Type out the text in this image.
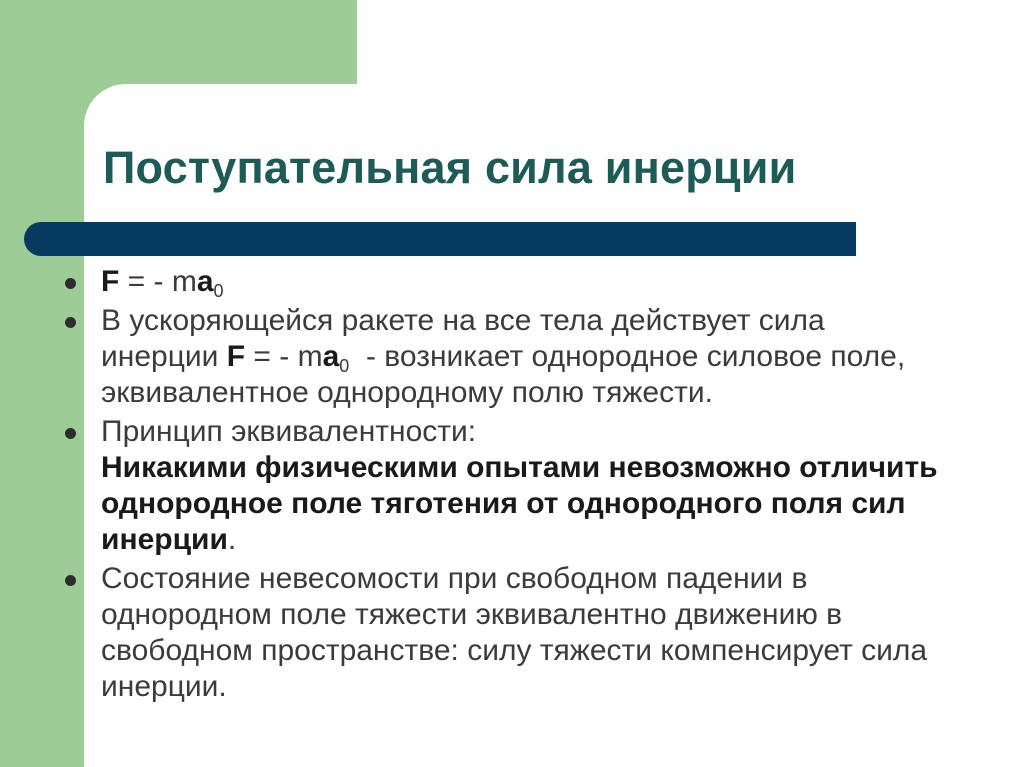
Поступательная сила инерции
F = - $ma_0$
В ускоряющейся ракете на все тела действует сила инерции F = - $ma_0$  - возникает однородное силовое поле, эквивалентное однородному полю тяжести.
Принцип эквивалентности:
Никакими физическими опытами невозможно отличить однородное поле тяготения от однородного поля сил инерции.
Состояние невесомости при свободном падении в однородном поле тяжести эквивалентно движению в свободном пространстве: силу тяжести компенсирует сила инерции.
